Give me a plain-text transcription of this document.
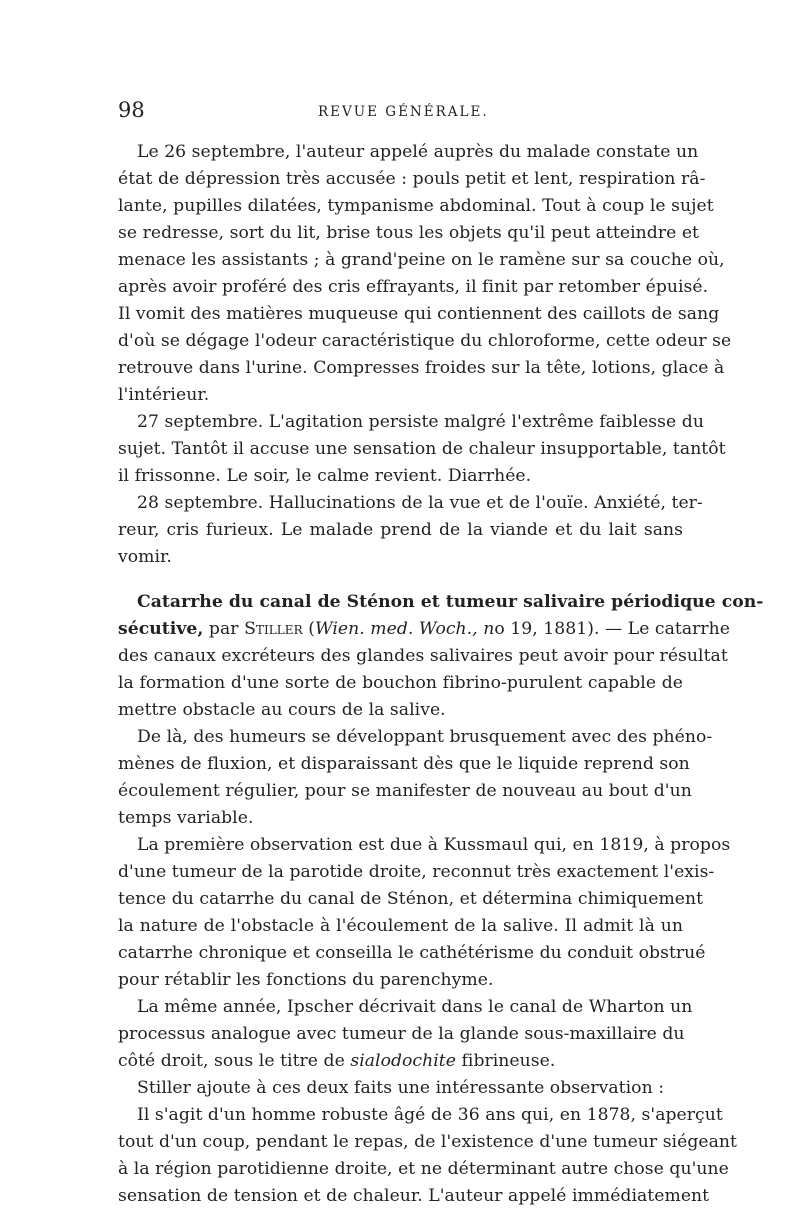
98	REVUE GÉNÉRALE.
Le 26 septembre, l'auteur appelé auprès du malade constate un
état de dépression très accusée : pouls petit et lent, respiration râ-
lante, pupilles dilatées, tympanisme abdominal. Tout à coup le sujet
se redresse, sort du lit, brise tous les objets qu'il peut atteindre et
menace les assistants ; à grand'peine on le ramène sur sa couche où,
après avoir proféré des cris effrayants, il finit par retomber épuisé.
Il vomit des matières muqueuse qui contiennent des caillots de sang
d'où se dégage l'odeur caractéristique du chloroforme, cette odeur se
retrouve dans l'urine. Compresses froides sur la tête, lotions, glace à
l'intérieur.
27 septembre. L'agitation persiste malgré l'extrême faiblesse du
sujet. Tantôt il accuse une sensation de chaleur insupportable, tantôt
il frissonne. Le soir, le calme revient. Diarrhée.
28 septembre. Hallucinations de la vue et de l'ouïe. Anxiété, ter-
reur, cris furieux. Le malade prend de la viande et du lait sans
vomir.
Catarrhe du canal de Sténon et tumeur salivaire périodique con-
sécutive, par Stiller (Wien. med. Woch., no 19, 1881). — Le catarrhe
des canaux excréteurs des glandes salivaires peut avoir pour résultat
la formation d'une sorte de bouchon fibrino-purulent capable de
mettre obstacle au cours de la salive.
De là, des humeurs se développant brusquement avec des phéno-
mènes de fluxion, et disparaissant dès que le liquide reprend son
écoulement régulier, pour se manifester de nouveau au bout d'un
temps variable.
La première observation est due à Kussmaul qui, en 1819, à propos
d'une tumeur de la parotide droite, reconnut très exactement l'exis-
tence du catarrhe du canal de Sténon, et détermina chimiquement
la nature de l'obstacle à l'écoulement de la salive. Il admit là un
catarrhe chronique et conseilla le cathétérisme du conduit obstrué
pour rétablir les fonctions du parenchyme.
La même année, Ipscher décrivait dans le canal de Wharton un
processus analogue avec tumeur de la glande sous-maxillaire du
côté droit, sous le titre de sialodochite fibrineuse.
Stiller ajoute à ces deux faits une intéressante observation :
Il s'agit d'un homme robuste âgé de 36 ans qui, en 1878, s'aperçut
tout d'un coup, pendant le repas, de l'existence d'une tumeur siégeant
à la région parotidienne droite, et ne déterminant autre chose qu'une
sensation de tension et de chaleur. L'auteur appelé immédiatement
